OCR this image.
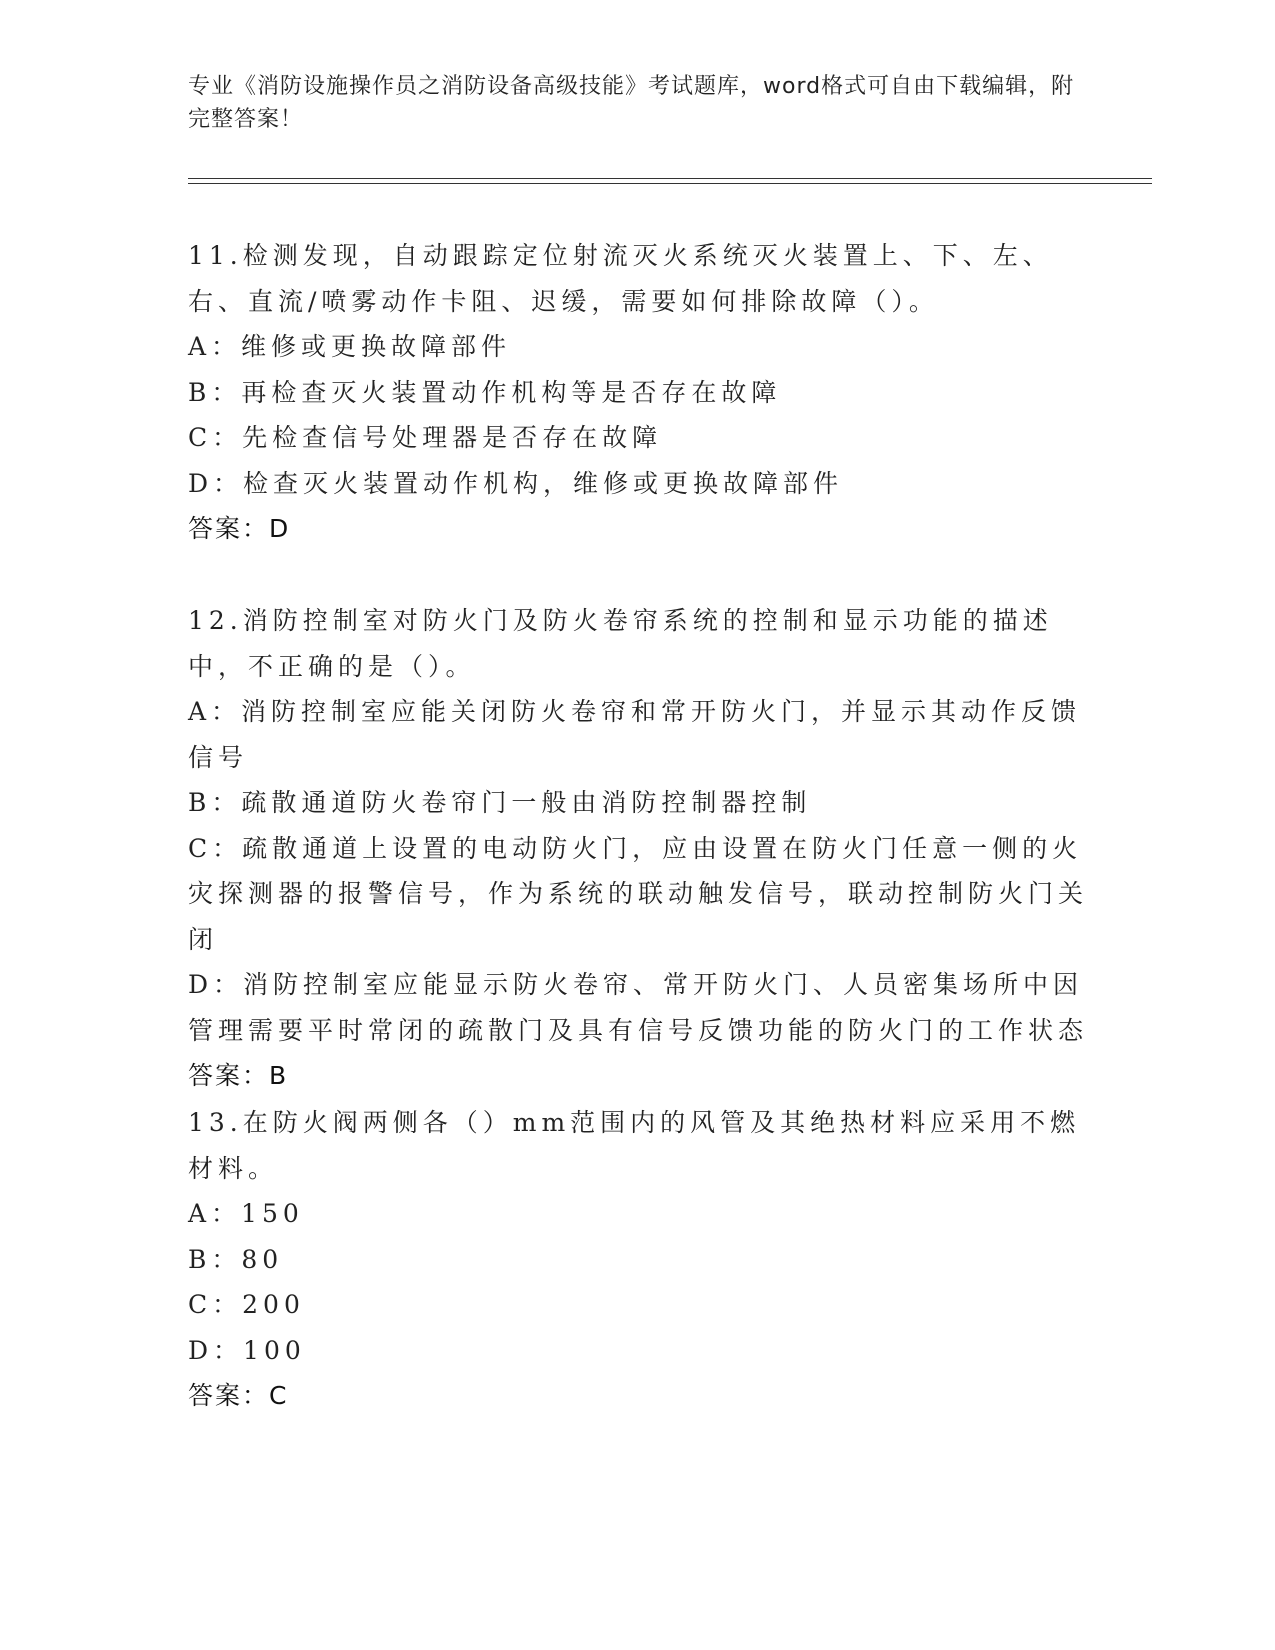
专业《消防设施操作员之消防设备高级技能》考试题库，word格式可自由下载编辑，附完整答案！
11.检测发现，自动跟踪定位射流灭火系统灭火装置上、下、左、右、直流/喷雾动作卡阻、迟缓，需要如何排除故障（）。
A：维修或更换故障部件
B：再检查灭火装置动作机构等是否存在故障
C：先检查信号处理器是否存在故障
D：检查灭火装置动作机构，维修或更换故障部件
答案：D
12.消防控制室对防火门及防火卷帘系统的控制和显示功能的描述中，不正确的是（）。
A：消防控制室应能关闭防火卷帘和常开防火门，并显示其动作反馈信号
B：疏散通道防火卷帘门一般由消防控制器控制
C：疏散通道上设置的电动防火门，应由设置在防火门任意一侧的火灾探测器的报警信号，作为系统的联动触发信号，联动控制防火门关闭
D：消防控制室应能显示防火卷帘、常开防火门、人员密集场所中因管理需要平时常闭的疏散门及具有信号反馈功能的防火门的工作状态
答案：B
13.在防火阀两侧各（）mm范围内的风管及其绝热材料应采用不燃材料。
A：150
B：80
C：200
D：100
答案：C
